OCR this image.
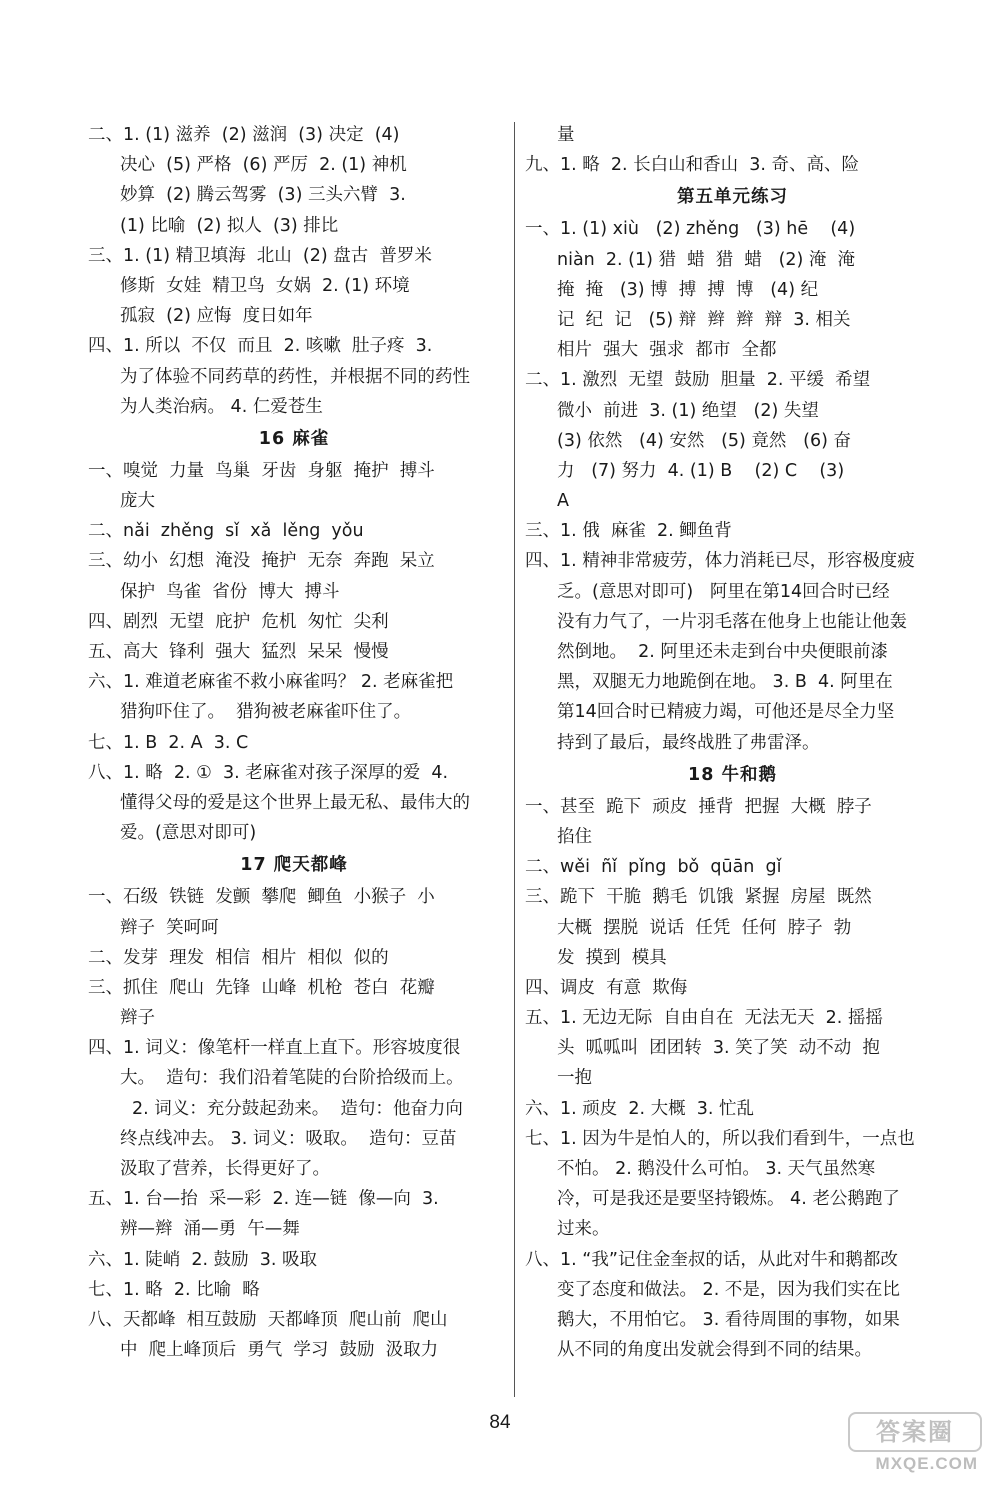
二、1. (1) 滋养  (2) 滋润  (3) 决定  (4)
决心  (5) 严格  (6) 严厉  2. (1) 神机
妙算  (2) 腾云驾雾  (3) 三头六臂  3.
(1) 比喻  (2) 拟人  (3) 排比
三、1. (1) 精卫填海  北山  (2) 盘古  普罗米
修斯  女娃  精卫鸟  女娲  2. (1) 环境
孤寂  (2) 应悔  度日如年
四、1. 所以  不仅  而且  2. 咳嗽  肚子疼  3.
为了体验不同药草的药性，并根据不同的药性
为人类治病。 4. 仁爱苍生
16 麻雀
一、嗅觉  力量  鸟巢  牙齿  身躯  掩护  搏斗
庞大
二、nǎi  zhěng  sǐ  xǎ  lěng  yǒu
三、幼小  幻想  淹没  掩护  无奈  奔跑  呆立
保护  鸟雀  省份  博大  搏斗
四、剧烈  无望  庇护  危机  匆忙  尖利
五、高大  锋利  强大  猛烈  呆呆  慢慢
六、1. 难道老麻雀不救小麻雀吗？ 2. 老麻雀把
猎狗吓住了。  猎狗被老麻雀吓住了。
七、1. B  2. A  3. C
八、1. 略  2. ①  3. 老麻雀对孩子深厚的爱  4.
懂得父母的爱是这个世界上最无私、最伟大的
爱。(意思对即可)
17 爬天都峰
一、石级  铁链  发颤  攀爬  鲫鱼  小猴子  小
辫子  笑呵呵
二、发芽  理发  相信  相片  相似  似的
三、抓住  爬山  先锋  山峰  机枪  苍白  花瓣
辫子
四、1. 词义：像笔杆一样直上直下。形容坡度很
大。  造句：我们沿着笔陡的台阶拾级而上。
2. 词义：充分鼓起劲来。  造句：他奋力向
终点线冲去。 3. 词义：吸取。  造句：豆苗
汲取了营养，长得更好了。
五、1. 台—抬  采—彩  2. 连—链  像—向  3.
辨—辫  涌—勇  午—舞
六、1. 陡峭  2. 鼓励  3. 吸取
七、1. 略  2. 比喻  略
八、天都峰  相互鼓励  天都峰顶  爬山前  爬山
中  爬上峰顶后  勇气  学习  鼓励  汲取力
量
九、1. 略  2. 长白山和香山  3. 奇、高、险
第五单元练习
一、1. (1) xiù   (2) zhěng   (3) hē    (4)
niàn  2. (1) 猎  蜡  猎  蜡   (2) 淹  淹
掩  掩   (3) 博  搏  搏  博   (4) 纪
记  纪  记   (5) 辩  辫  辫  辩  3. 相关
相片  强大  强求  都市  全都
二、1. 激烈  无望  鼓励  胆量  2. 平缓  希望
微小  前进  3. (1) 绝望   (2) 失望
(3) 依然   (4) 安然   (5) 竟然   (6) 奋
力   (7) 努力  4. (1) B    (2) C    (3)
A
三、1. 俄  麻雀  2. 鲫鱼背
四、1. 精神非常疲劳，体力消耗已尽，形容极度疲
乏。(意思对即可)   阿里在第14回合时已经
没有力气了，一片羽毛落在他身上也能让他轰
然倒地。  2. 阿里还未走到台中央便眼前漆
黑，双腿无力地跪倒在地。 3. B  4. 阿里在
第14回合时已精疲力竭，可他还是尽全力坚
持到了最后，最终战胜了弗雷泽。
18 牛和鹅
一、甚至  跪下  顽皮  捶背  把握  大概  脖子
掐住
二、wěi  ñǐ  pǐng  bǒ  qūān  gǐ
三、跪下  干脆  鹅毛  饥饿  紧握  房屋  既然
大概  摆脱  说话  任凭  任何  脖子  勃
发  摸到  模具
四、调皮  有意  欺侮
五、1. 无边无际  自由自在  无法无天  2. 摇摇
头  呱呱叫  团团转  3. 笑了笑  动不动  抱
一抱
六、1. 顽皮  2. 大概  3. 忙乱
七、1. 因为牛是怕人的，所以我们看到牛，一点也
不怕。 2. 鹅没什么可怕。 3. 天气虽然寒
冷，可是我还是要坚持锻炼。 4. 老公鹅跑了
过来。
八、1. “我”记住金奎叔的话，从此对牛和鹅都改
变了态度和做法。 2. 不是，因为我们实在比
鹅大，不用怕它。 3. 看待周围的事物，如果
从不同的角度出发就会得到不同的结果。
84	答案圈
MXQE.COM
